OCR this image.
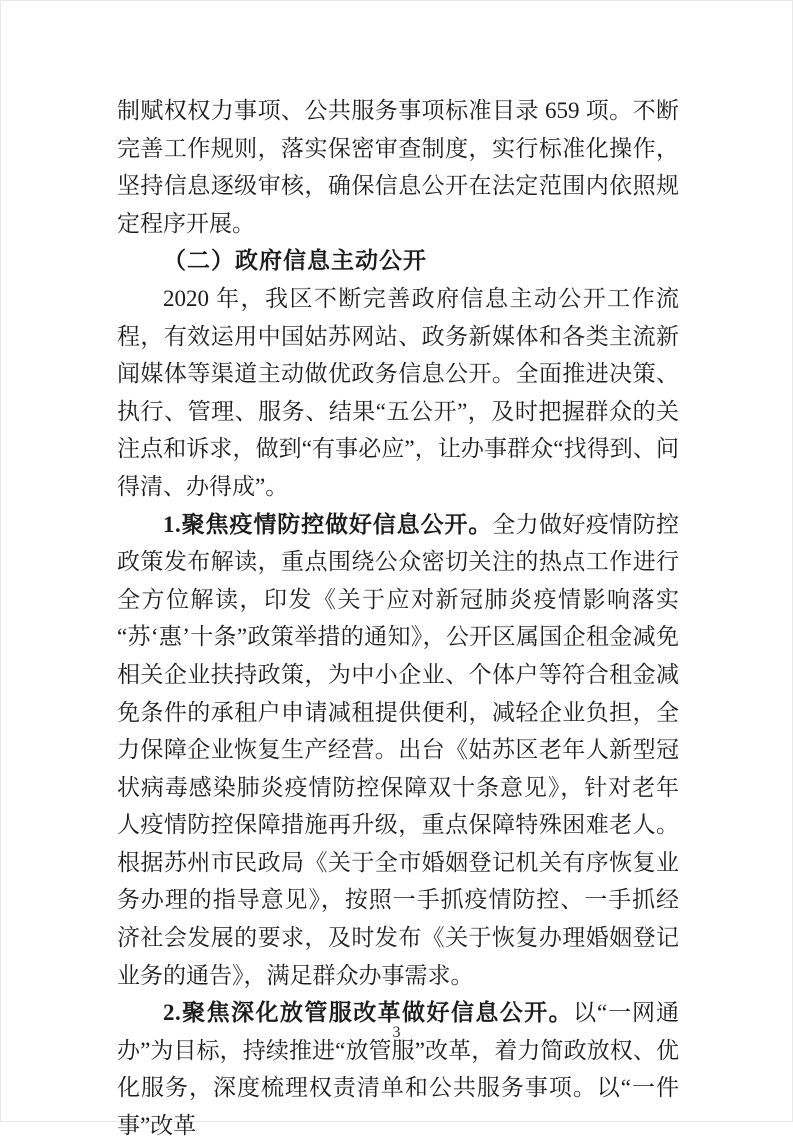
制赋权权力事项、公共服务事项标准目录 659 项。不断完善工作规则，落实保密审查制度，实行标准化操作，坚持信息逐级审核，确保信息公开在法定范围内依照规定程序开展。

（二）政府信息主动公开

2020 年，我区不断完善政府信息主动公开工作流程，有效运用中国姑苏网站、政务新媒体和各类主流新闻媒体等渠道主动做优政务信息公开。全面推进决策、执行、管理、服务、结果“五公开”，及时把握群众的关注点和诉求，做到“有事必应”，让办事群众“找得到、问得清、办得成”。

1.聚焦疫情防控做好信息公开。全力做好疫情防控政策发布解读，重点围绕公众密切关注的热点工作进行全方位解读，印发《关于应对新冠肺炎疫情影响落实“苏‘惠’十条”政策举措的通知》，公开区属国企租金减免相关企业扶持政策，为中小企业、个体户等符合租金减免条件的承租户申请减租提供便利，减轻企业负担，全力保障企业恢复生产经营。出台《姑苏区老年人新型冠状病毒感染肺炎疫情防控保障双十条意见》，针对老年人疫情防控保障措施再升级，重点保障特殊困难老人。根据苏州市民政局《关于全市婚姻登记机关有序恢复业务办理的指导意见》，按照一手抓疫情防控、一手抓经济社会发展的要求，及时发布《关于恢复办理婚姻登记业务的通告》，满足群众办事需求。

2.聚焦深化放管服改革做好信息公开。以“一网通办”为目标，持续推进“放管服”改革，着力简政放权、优化服务，深度梳理权责清单和公共服务事项。以“一件事”改革

3
